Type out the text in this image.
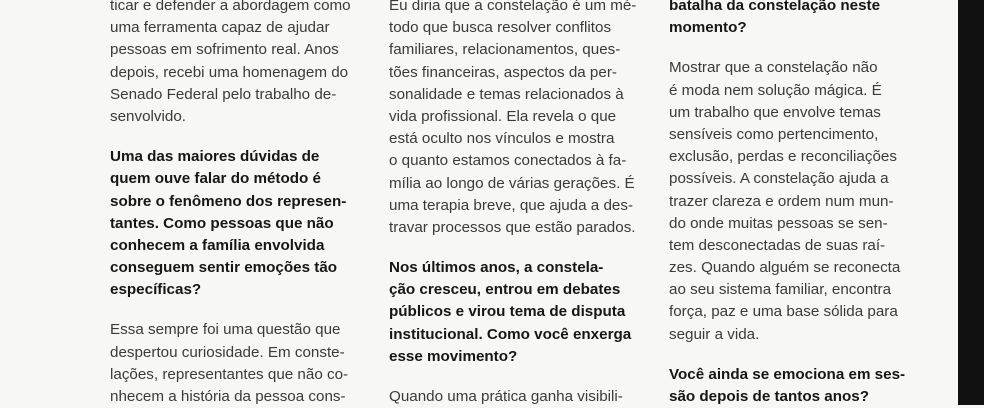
ticar e defender a abordagem como
uma ferramenta capaz de ajudar
pessoas em sofrimento real. Anos
depois, recebi uma homenagem do
Senado Federal pelo trabalho de-
senvolvido.

Uma das maiores dúvidas de
quem ouve falar do método é
sobre o fenômeno dos represen-
tantes. Como pessoas que não
conhecem a família envolvida
conseguem sentir emoções tão
específicas?

Essa sempre foi uma questão que
despertou curiosidade. Em conste-
lações, representantes que não co-
nhecem a história da pessoa cons-

Eu diria que a constelação é um mé-
todo que busca resolver conflitos
familiares, relacionamentos, ques-
tões financeiras, aspectos da per-
sonalidade e temas relacionados à
vida profissional. Ela revela o que
está oculto nos vínculos e mostra
o quanto estamos conectados à fa-
mília ao longo de várias gerações. É
uma terapia breve, que ajuda a des-
travar processos que estão parados.

Nos últimos anos, a constela-
ção cresceu, entrou em debates
públicos e virou tema de disputa
institucional. Como você enxerga
esse movimento?

Quando uma prática ganha visibili-

batalha da constelação neste
momento?

Mostrar que a constelação não
é moda nem solução mágica. É
um trabalho que envolve temas
sensíveis como pertencimento,
exclusão, perdas e reconciliações
possíveis. A constelação ajuda a
trazer clareza e ordem num mun-
do onde muitas pessoas se sen-
tem desconectadas de suas raí-
zes. Quando alguém se reconecta
ao seu sistema familiar, encontra
força, paz e uma base sólida para
seguir a vida.

Você ainda se emociona em ses-
são depois de tantos anos?
